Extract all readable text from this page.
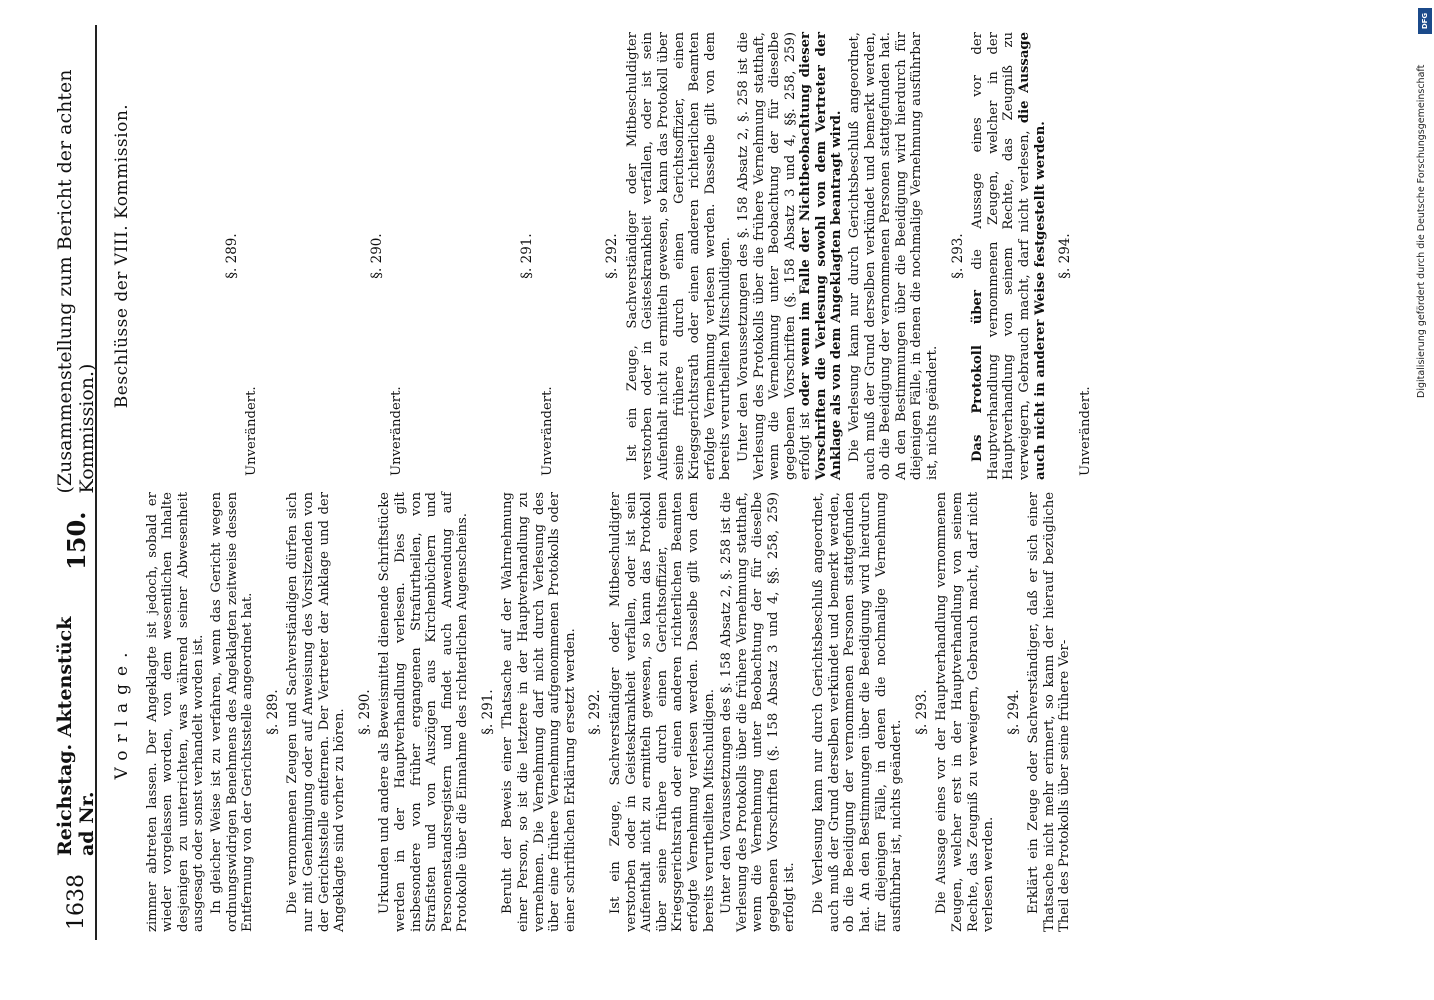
1638
Reichstag. Aktenstück ad Nr.
150.
(Zusammenstellung zum Bericht der achten Kommission.)
Vorlage. zimmer abtreten lassen. Der Angeklagte ist jedoch, sobald er wieder vorgelassen worden, von dem wesentlichen Inhalte desjenigen zu unterrichten, was während seiner Abwesenheit ausgesagt oder sonst verhandelt worden ist. In gleicher Weise ist zu verfahren, wenn das Gericht wegen ordnungswidrigen Benehmens des Angeklagten zeitweise dessen Entfernung von der Gerichtsstelle angeordnet hat. §. 289. Die vernommenen Zeugen und Sachverständigen dürfen sich nur mit Genehmigung oder auf Anweisung des Vorsitzenden von der Gerichtsstelle entfernen. Der Vertreter der Anklage und der Angeklagte sind vorher zu hören. §. 290. Urkunden und andere als Beweismittel dienende Schriftstücke werden in der Hauptverhandlung verlesen. Dies gilt insbesondere von früher ergangenen Strafurtheilen, von Strafisten und von Auszügen aus Kirchenbüchern und Personenstandsregistern und findet auch Anwendung auf Protokolle über die Einnahme des richterlichen Augenscheins. §. 291. Beruht der Beweis einer Thatsache auf der Wahrnehmung einer Person, so ist die letztere in der Hauptverhandlung zu vernehmen. Die Vernehmung darf nicht durch Verlesung des über eine frühere Vernehmung aufgenommenen Protokolls oder einer schriftlichen Erklärung ersetzt werden. §. 292. Ist ein Zeuge, Sachverständiger oder Mitbeschuldigter verstorben oder in Geisteskrankheit verfallen, oder ist sein Aufenthalt nicht zu ermitteln gewesen, so kann das Protokoll über seine frühere durch einen Gerichtsoffizier, einen Kriegsgerichtsrath oder einen anderen richterlichen Beamten erfolgte Vernehmung verlesen werden. Dasselbe gilt von dem bereits verurtheilten Mitschuldigen. Unter den Voraussetzungen des §. 158 Absatz 2, §. 258 ist die Verlesung des Protokolls über die frühere Vernehmung statthaft, wenn die Vernehmung unter Beobachtung der für dieselbe gegebenen Vorschriften (§. 158 Absatz 3 und 4, §§. 258, 259) erfolgt ist. Die Verlesung kann nur durch Gerichtsbeschluß angeordnet, auch muß der Grund derselben verkündet und bemerkt werden, ob die Beeidigung der vernommenen Personen stattgefunden hat. An den Bestimmungen über die Beeidigung wird hierdurch für diejenigen Fälle, in denen die nochmalige Vernehmung ausführbar ist, nichts geändert.

§. 293. Die Aussage eines vor der Hauptverhandlung vernommenen Zeugen, welcher erst in der Hauptverhandlung von seinem Rechte, das Zeugniß zu verweigern, Gebrauch macht, darf nicht verlesen werden.

§. 294. Erklärt ein Zeuge oder Sachverständiger, daß er sich einer Thatsache nicht mehr erinnert, so kann der hierauf bezügliche Theil des Protokolls über seine frühere Ver-

Beschlüsse der VIII. Kommission.	§. 289.
Unverändert.
§. 290.
Unverändert.
§. 291.
Unverändert.
§. 292. Ist ein Zeuge, Sachverständiger oder Mitbeschuldigter verstorben oder in Geisteskrankheit verfallen, oder ist sein Aufenthalt nicht zu ermitteln gewesen, so kann das Protokoll über seine frühere durch einen Gerichtsoffizier, einen Kriegsgerichtsrath oder einen anderen richterlichen Beamten erfolgte Vernehmung verlesen werden. Dasselbe gilt von dem bereits verurtheilten Mitschuldigen. Unter den Voraussetzungen des §. 158 Absatz 2, §. 258 ist die Verlesung des Protokolls über die frühere Vernehmung statthaft, wenn die Vernehmung unter Beobachtung der für dieselbe gegebenen Vorschriften (§. 158 Absatz 3 und 4, §§. 258, 259) erfolgt ist oder wenn im Falle der Nichtbeobachtung dieser Vorschriften die Verlesung sowohl von dem Vertreter der Anklage als von dem Angeklagten beantragt wird. Die Verlesung kann nur durch Gerichtsbeschluß angeordnet, auch muß der Grund derselben verkündet und bemerkt werden, ob die Beeidigung der vernommenen Personen stattgefunden hat. An den Bestimmungen über die Beeidigung wird hierdurch für diejenigen Fälle, in denen die nochmalige Vernehmung ausführbar ist, nichts geändert.

§. 293.

Das Protokoll über die Aussage eines vor der Hauptverhandlung vernommenen Zeugen, welcher in der Hauptverhandlung von seinem Rechte, das Zeugniß zu verweigern, Gebrauch macht, darf nicht verlesen, die Aussage auch nicht in anderer Weise festgestellt werden. §. 294.
Unverändert.
Digitalisierung gefördert durch die Deutsche Forschungsgemeinschaft
DFG
